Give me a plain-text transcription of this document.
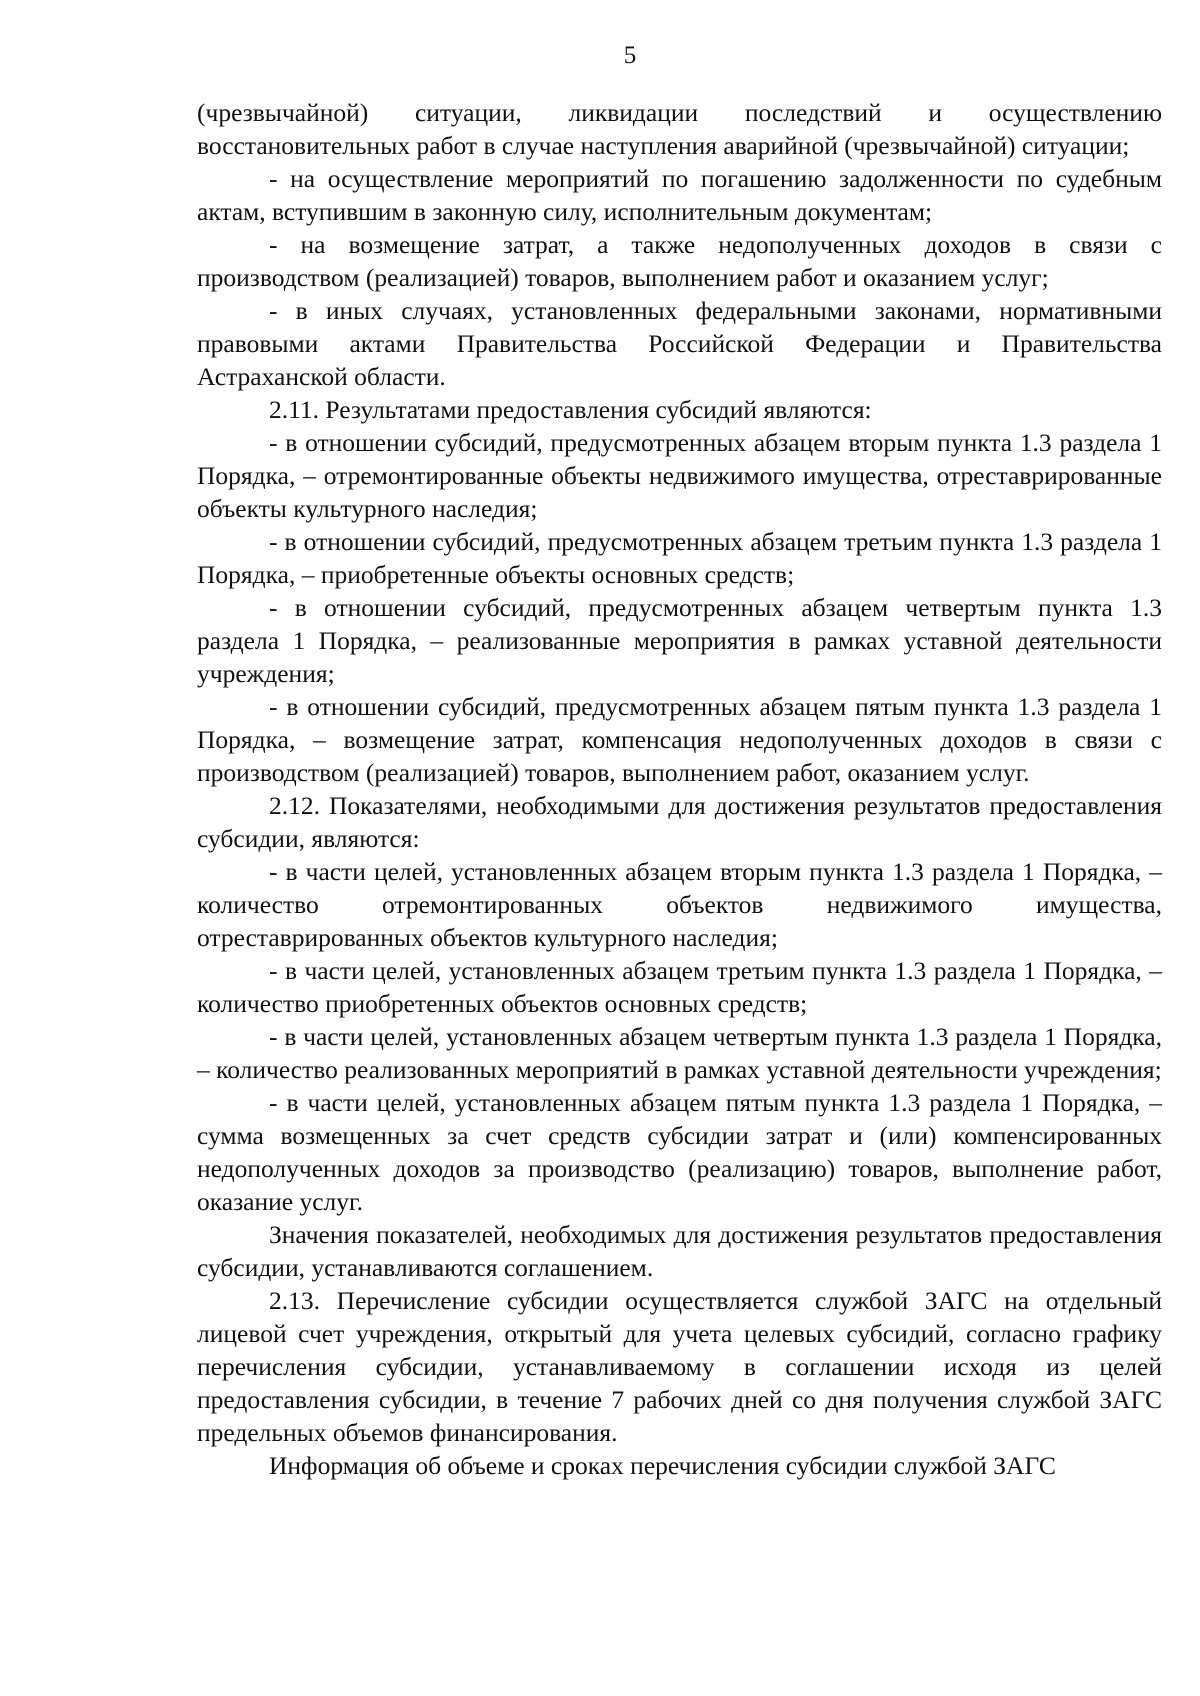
5

(чрезвычайной) ситуации, ликвидации последствий и осуществлению восстановительных работ в случае наступления аварийной (чрезвычайной) ситуации;

- на осуществление мероприятий по погашению задолженности по судебным актам, вступившим в законную силу, исполнительным документам;

- на возмещение затрат, а также недополученных доходов в связи с производством (реализацией) товаров, выполнением работ и оказанием услуг;

- в иных случаях, установленных федеральными законами, нормативными правовыми актами Правительства Российской Федерации и Правительства Астраханской области.

2.11. Результатами предоставления субсидий являются:

- в отношении субсидий, предусмотренных абзацем вторым пункта 1.3 раздела 1 Порядка, – отремонтированные объекты недвижимого имущества, отреставрированные объекты культурного наследия;

- в отношении субсидий, предусмотренных абзацем третьим пункта 1.3 раздела 1 Порядка, – приобретенные объекты основных средств;

- в отношении субсидий, предусмотренных абзацем четвертым пункта 1.3 раздела 1 Порядка, – реализованные мероприятия в рамках уставной деятельности учреждения;

- в отношении субсидий, предусмотренных абзацем пятым пункта 1.3 раздела 1 Порядка, – возмещение затрат, компенсация недополученных доходов в связи с производством (реализацией) товаров, выполнением работ, оказанием услуг.

2.12. Показателями, необходимыми для достижения результатов предоставления субсидии, являются:

- в части целей, установленных абзацем вторым пункта 1.3 раздела 1 Порядка, – количество отремонтированных объектов недвижимого имущества, отреставрированных объектов культурного наследия;

- в части целей, установленных абзацем третьим пункта 1.3 раздела 1 Порядка, – количество приобретенных объектов основных средств;

- в части целей, установленных абзацем четвертым пункта 1.3 раздела 1 Порядка, – количество реализованных мероприятий в рамках уставной деятельности учреждения;

- в части целей, установленных абзацем пятым пункта 1.3 раздела 1 Порядка, – сумма возмещенных за счет средств субсидии затрат и (или) компенсированных недополученных доходов за производство (реализацию) товаров, выполнение работ, оказание услуг.

Значения показателей, необходимых для достижения результатов предоставления субсидии, устанавливаются соглашением.

2.13. Перечисление субсидии осуществляется службой ЗАГС на отдельный лицевой счет учреждения, открытый для учета целевых субсидий, согласно графику перечисления субсидии, устанавливаемому в соглашении исходя из целей предоставления субсидии, в течение 7 рабочих дней со дня получения службой ЗАГС предельных объемов финансирования.

Информация об объеме и сроках перечисления субсидии службой ЗАГС
